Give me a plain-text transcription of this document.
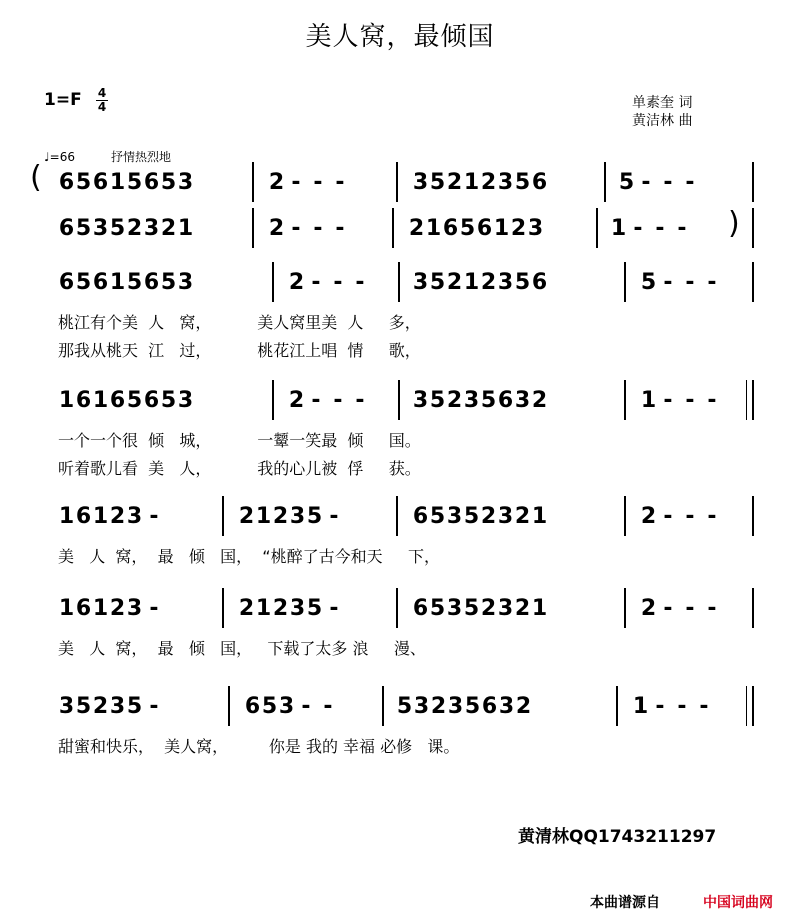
美人窝，最倾国
1=F 4
4	单素奎 词
黄洁林 曲
♩=66	抒情热烈地
6 5 6 1 5 6 5 3	2 - - -	3 5 2 1 2 3 5 6	5 - - -
6 5 3 5 2 3 2 1	2 - - -	2 1 6 5 6 1 2 3	1 - - -
6 5 6 1 5 6 5 3	2 - - - 3 5 2 1 2 3 5 6	5 - - -
桃江有个美  人   窝，         美人窝里美  人     多，
那我从桃天  江   过，         桃花江上唱  情     歌，
1 6 1 6 5 6 5 3	2 - - - 3 5 2 3 5 6 3 2	1 - - -
一个一个很  倾   城，         一颦一笑最  倾     国。
听着歌儿看  美   人，         我的心儿被  俘     获。
1 6 1 2 3 -	2 1 2 3 5 -	6 5 3 5 2 3 2 1	2 - - -
美   人  窝，  最   倾   国，  “桃醉了古今和天     下，
1 6 1 2 3 -	2 1 2 3 5 -	6 5 3 5 2 3 2 1	2 - - -
美   人  窝，  最   倾   国，   下载了太多 浪     漫、
3 5 2 3 5 -	6 5 3 - -	5 3 2 3 5 6 3 2	1 - - -
甜蜜和快乐，  美人窝，        你是 我的 幸福 必修   课。
(
)
黄清林QQ1743211297
本曲谱源自	中国词曲网
